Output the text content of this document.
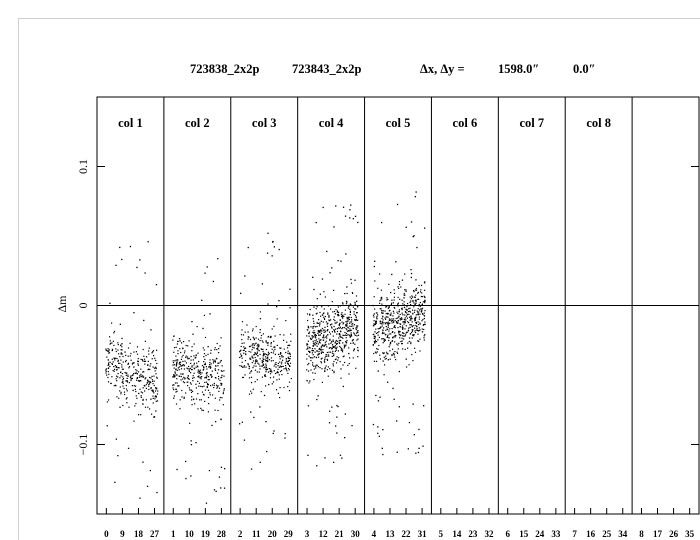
723838_2x2p	723843_2x2p	Δx, Δy =	1598.0″	0.0″
Δm
0.1
0
−0.1
col 1	col 2	col 3	col 4	col 5	col 6	col 7	col 8
0 9 18 27 1 10 19 28 2 11 20 29 3 12 21 30 4 13 22 31 5 14 23 32 6 15 24 33 7 16 25 34 8 17 26 35
